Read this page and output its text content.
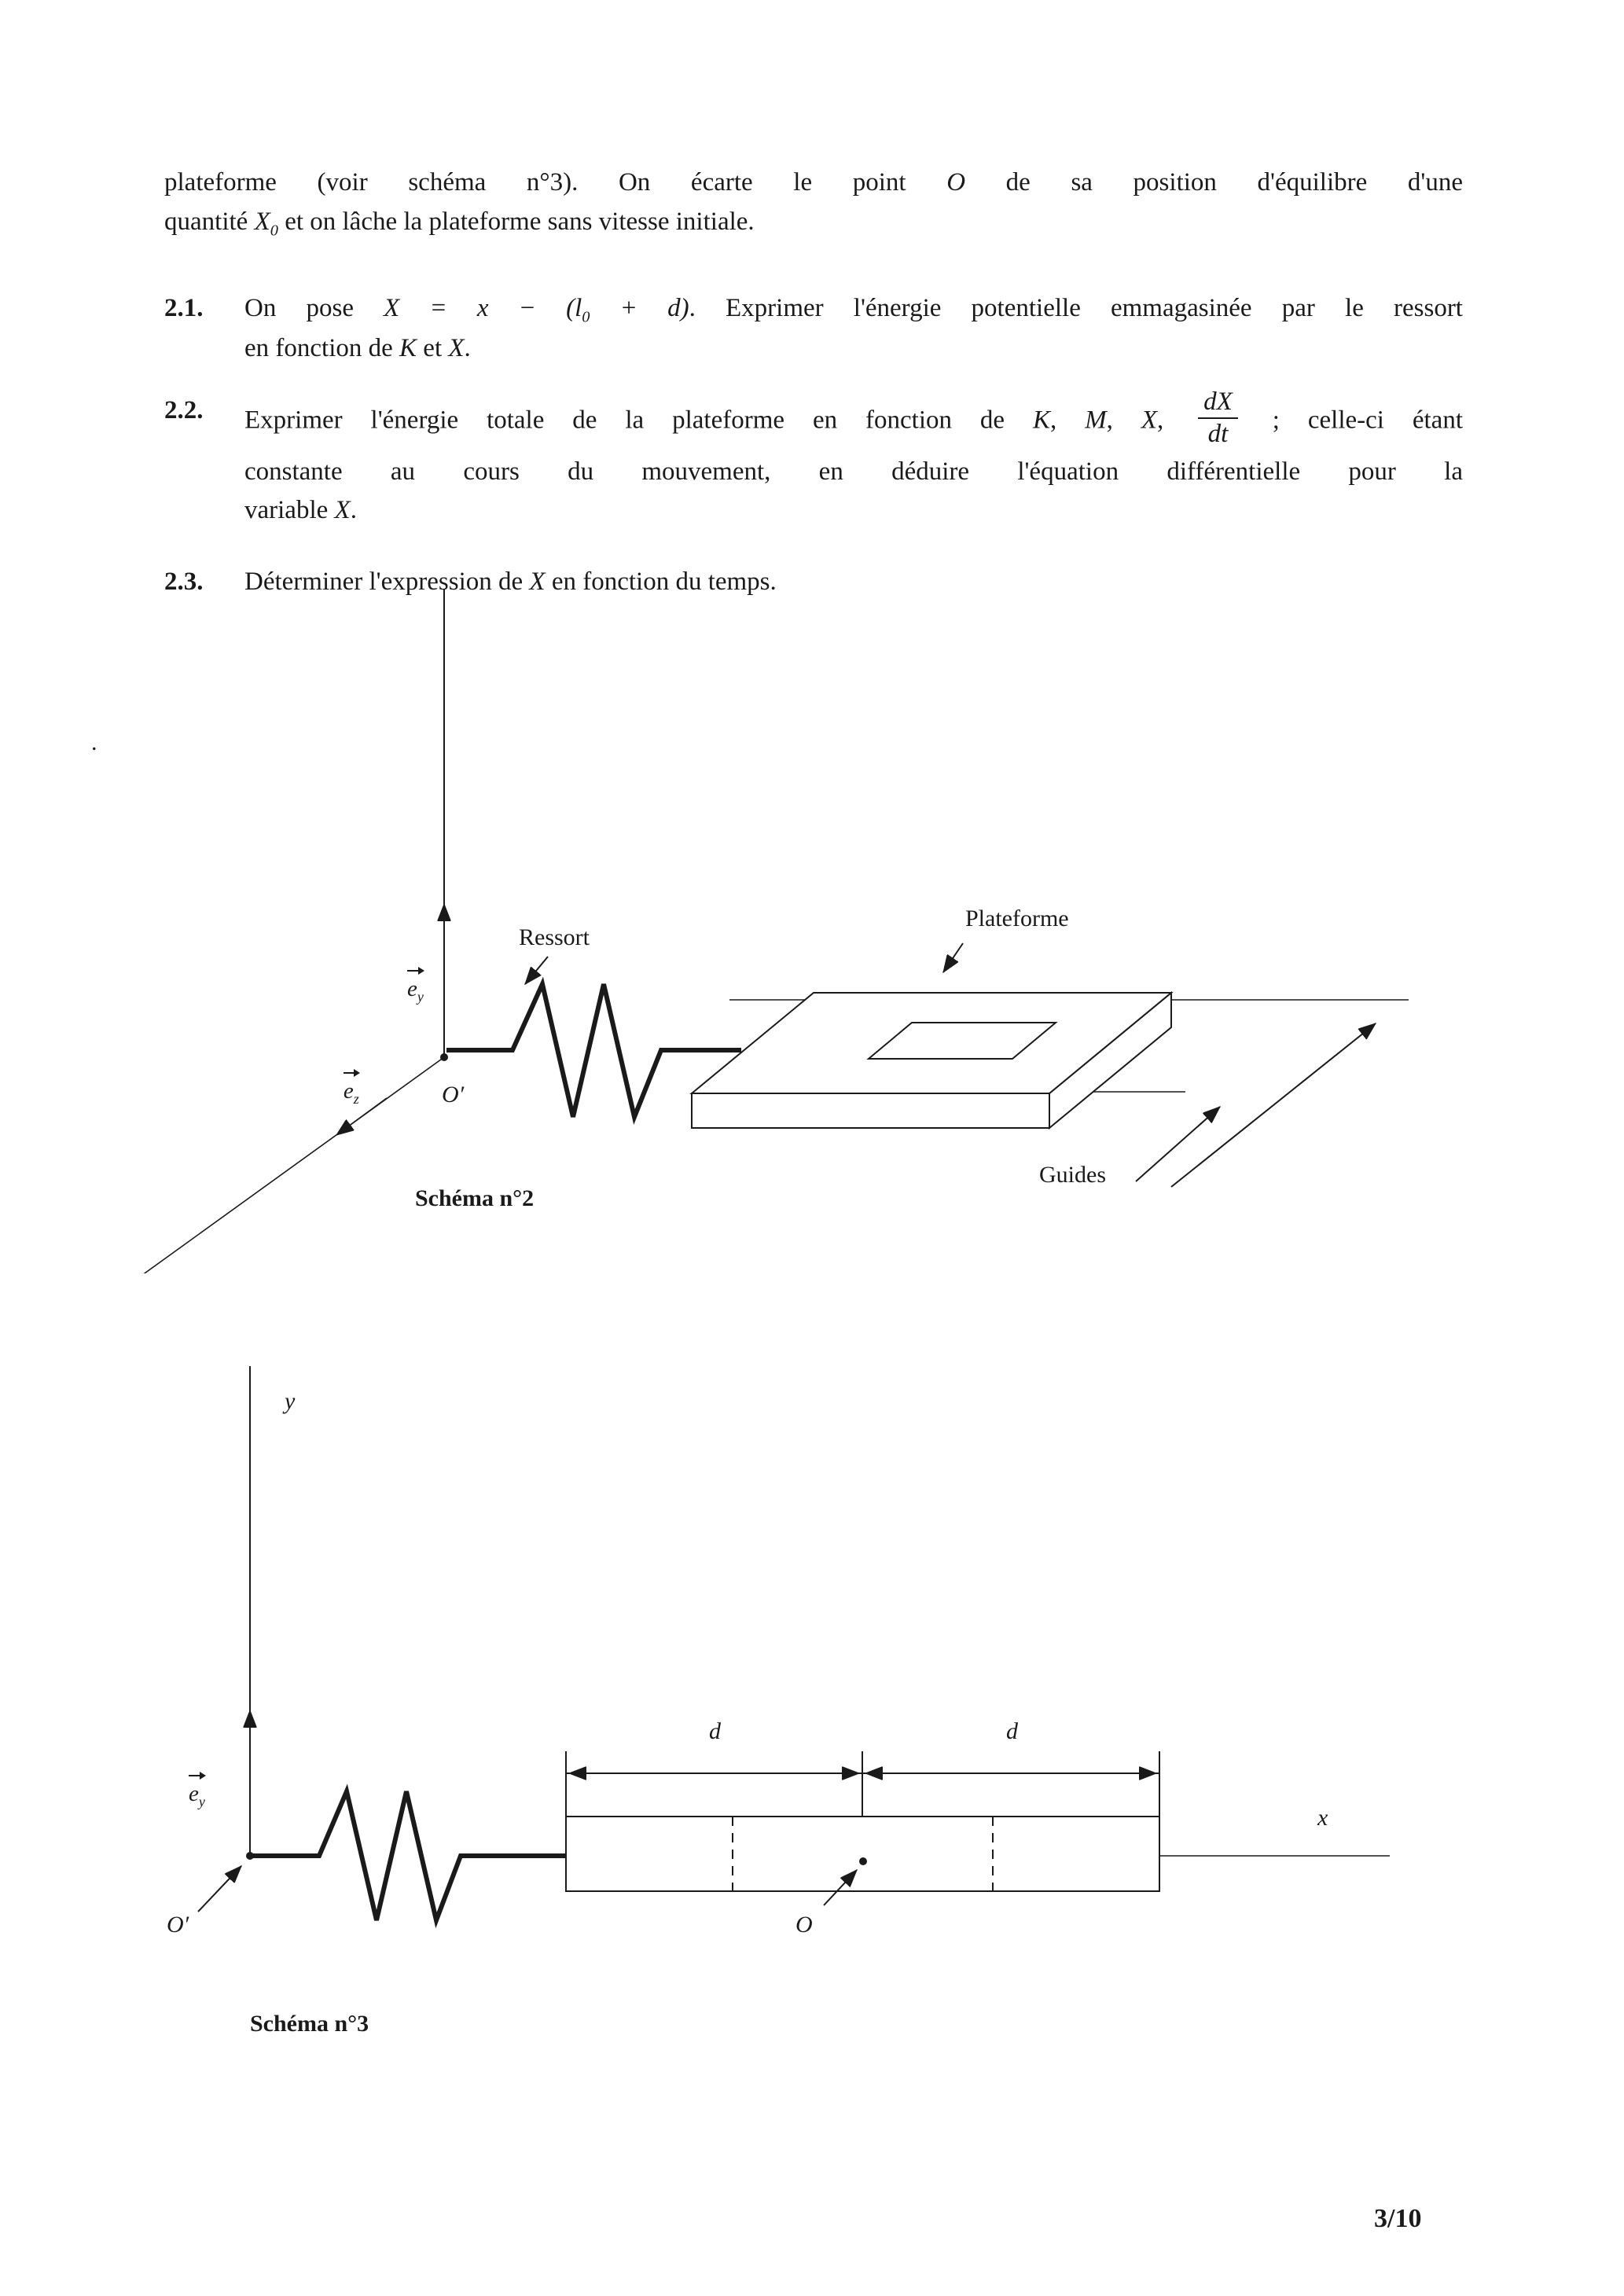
plateforme (voir schéma n°3). On écarte le point O de sa position d'équilibre d'une
quantité $X_0$ et on lâche la plateforme sans vitesse initiale.
2.1.	On pose $X = x - (l_0 + d)$. Exprimer l'énergie potentielle emmagasinée par le ressort
en fonction de K et X.
2.2.	Exprimer l'énergie totale de la plateforme en fonction de K, M, X, $\frac{dX}{dt}$ ; celle-ci étant
constante au cours du mouvement, en déduire l'équation différentielle pour la
variable X.
2.3.	Déterminer l'expression de X en fonction du temps.
.
Ressort
Plateforme
Guides
$e_y$
$e_z$	O′
Schéma n°2
y
$e_y$
O′	O
d	d
x
Schéma n°3
3/10
